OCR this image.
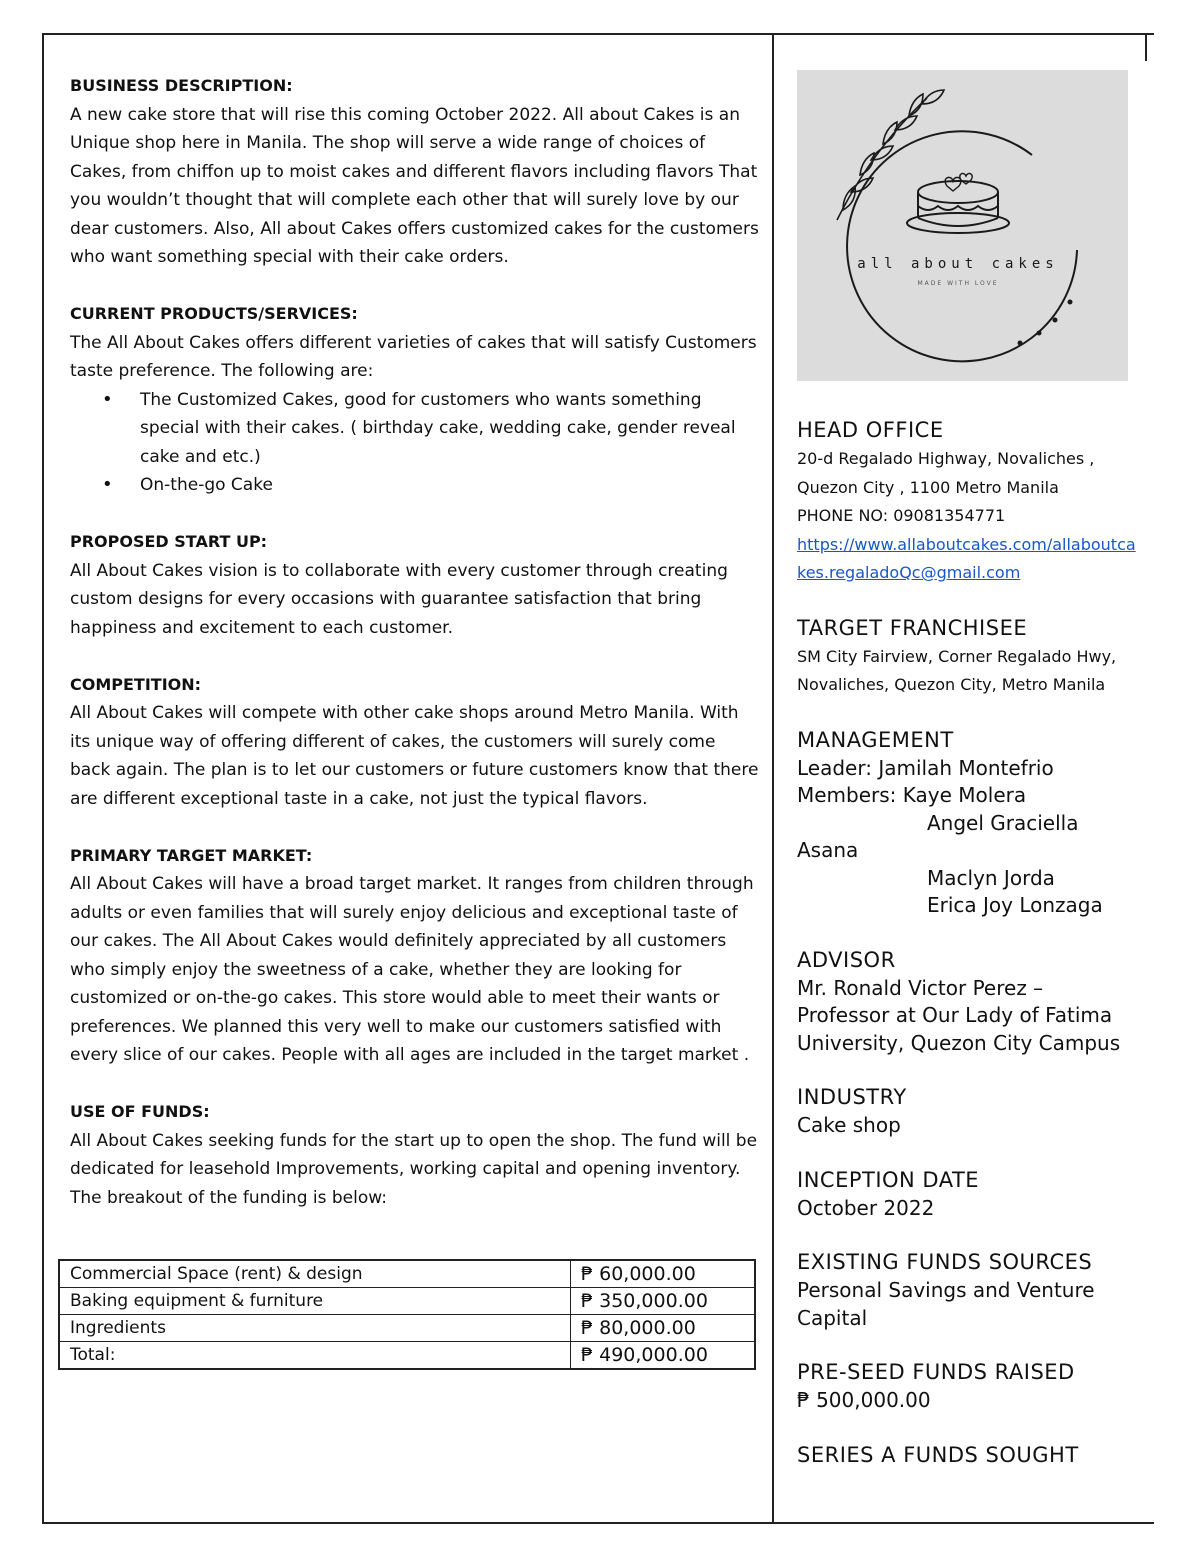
BUSINESS DESCRIPTION:

A new cake store that will rise this coming October 2022. All about Cakes is an Unique shop here in Manila. The shop will serve a wide range of choices of Cakes, from chiffon up to moist cakes and different flavors including flavors That you wouldn’t thought that will complete each other that will surely love by our dear customers. Also, All about Cakes offers customized cakes for the customers who want something special with their cake orders.

CURRENT PRODUCTS/SERVICES:
The All About Cakes offers different varieties of cakes that will satisfy Customers taste preference. The following are:
• The Customized Cakes, good for customers who wants something special with their cakes. ( birthday cake, wedding cake, gender reveal cake and etc.)
• On-the-go Cake
PROPOSED START UP:

All About Cakes vision is to collaborate with every customer through creating custom designs for every occasions with guarantee satisfaction that bring happiness and excitement to each customer.

COMPETITION:

All About Cakes will compete with other cake shops around Metro Manila. With its unique way of offering different of cakes, the customers will surely come back again. The plan is to let our customers or future customers know that there are different exceptional taste in a cake, not just the typical flavors.

PRIMARY TARGET MARKET:

All About Cakes will have a broad target market. It ranges from children through adults or even families that will surely enjoy delicious and exceptional taste of our cakes. The All About Cakes would definitely appreciated by all customers who simply enjoy the sweetness of a cake, whether they are looking for customized or on-the-go cakes. This store would able to meet their wants or preferences. We planned this very well to make our customers satisfied with every slice of our cakes. People with all ages are included in the target market .

USE OF FUNDS:
All About Cakes seeking funds for the start up to open the shop. The fund will be dedicated for leasehold Improvements, working capital and opening inventory. The breakout of the funding is below:
Commercial Space (rent) & design	₱ 60,000.00
Baking equipment & furniture	₱ 350,000.00
Ingredients	₱ 80,000.00
Total:	₱ 490,000.00
all about cakes
MADE WITH LOVE
HEAD OFFICE
20-d Regalado Highway, Novaliches ,
Quezon City , 1100 Metro Manila
PHONE NO: 09081354771
https://www.allaboutcakes.com/allaboutcakes.regaladoQc@gmail.com
TARGET FRANCHISEE
SM City Fairview, Corner Regalado Hwy, Novaliches, Quezon City, Metro Manila
MANAGEMENT
Leader: Jamilah Montefrio
Members: Kaye Molera
Angel Graciella
Asana
Maclyn Jorda
Erica Joy Lonzaga
ADVISOR
Mr. Ronald Victor Perez – Professor at Our Lady of Fatima University, Quezon City Campus
INDUSTRY
Cake shop
INCEPTION DATE
October 2022
EXISTING FUNDS SOURCES
Personal Savings and Venture Capital
PRE-SEED FUNDS RAISED
₱ 500,000.00
SERIES A FUNDS SOUGHT
